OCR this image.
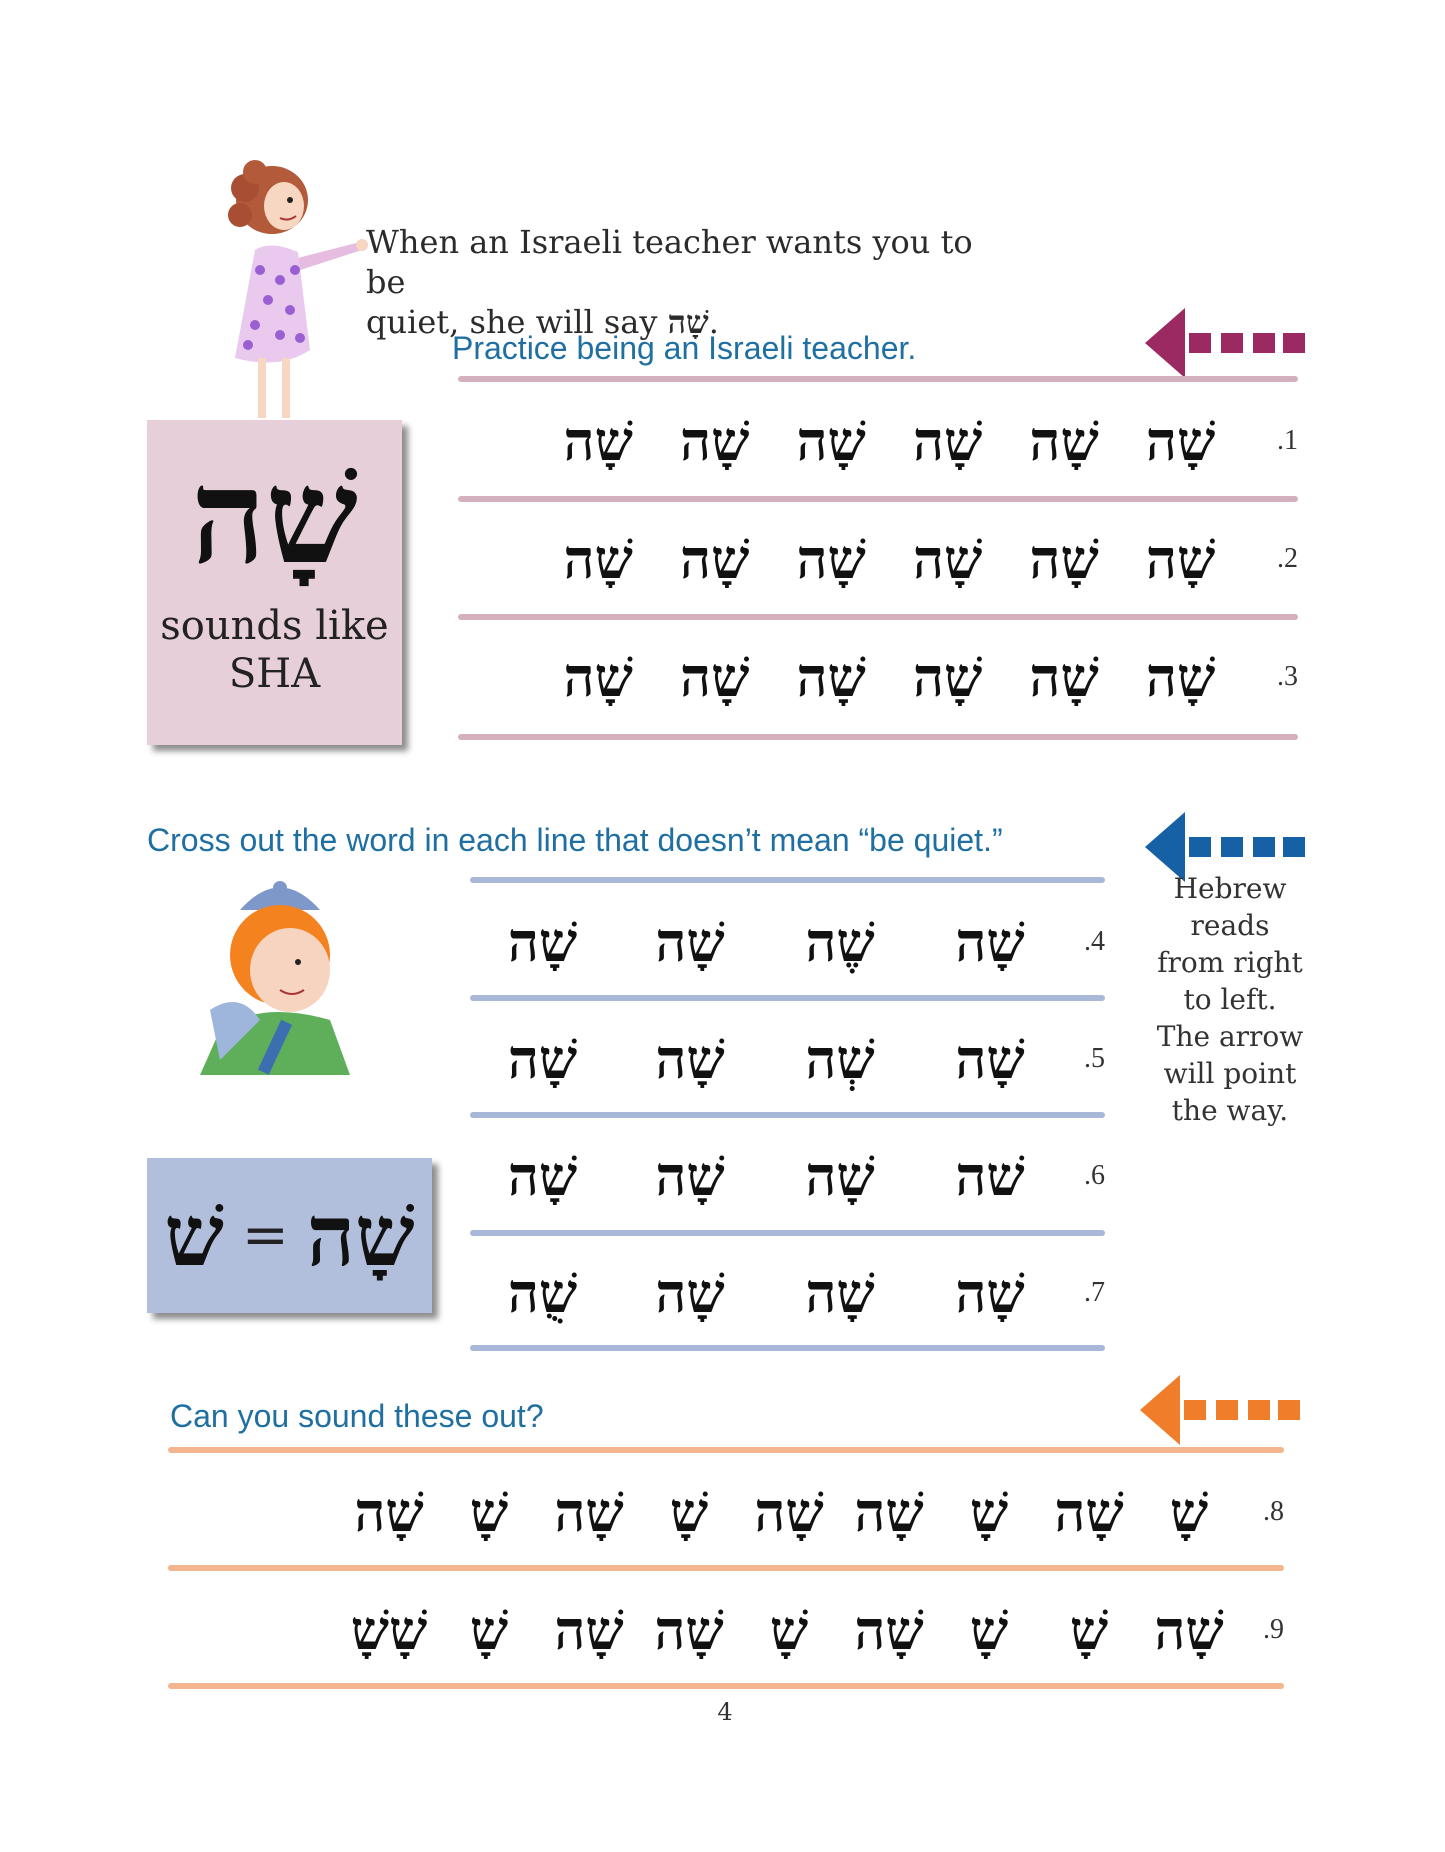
When an Israeli teacher wants you to be
quiet, she will say שָׁה.
Practice being an Israeli teacher.
.1
שָׁה
שָׁה
שָׁה
שָׁה
שָׁה
שָׁה
.2
שָׁה
שָׁה
שָׁה
שָׁה
שָׁה
שָׁה
.3
שָׁה
שָׁה
שָׁה
שָׁה
שָׁה
שָׁה
שָׁה
sounds like
SHA
Cross out the word in each line that doesn’t mean “be quiet.”
.4
שָׁה
שֶׁה
שָׁה
שָׁה
.5
שָׁה
שְׁה
שָׁה
שָׁה
.6
שׁה
שָׁה
שָׁה
שָׁה
.7
שָׁה
שָׁה
שָׁה
שֻׁה
Hebrew
reads
from right
to left.
The arrow
will point
the way.
שׁ = שָׁה
Can you sound these out?
.8
שָׁ
שָׁה
שָׁ
שָׁה
שָׁה
שָׁ
שָׁה
שָׁ
שָׁה
.9
שָׁה
שָׁ
שָׁ
שָׁה
שָׁ
שָׁה
שָׁה
שָׁ
שָׁשָׁ
4
